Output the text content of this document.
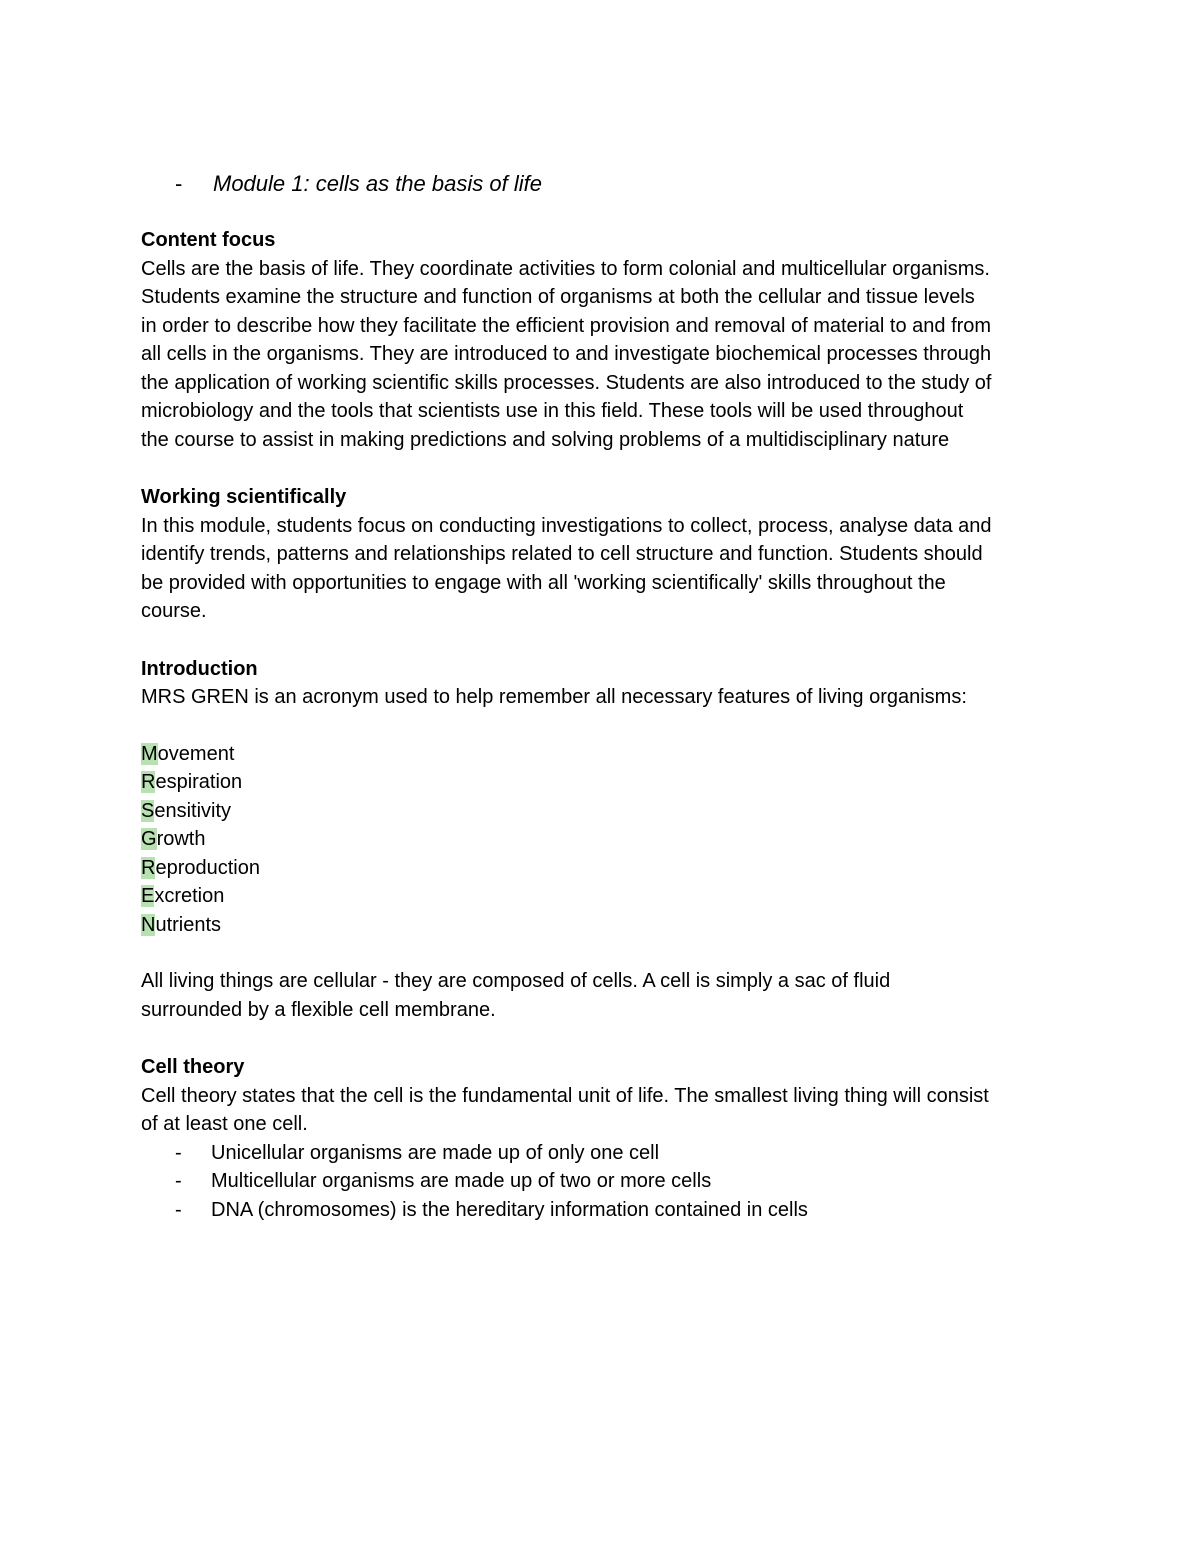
-	Module 1: cells as the basis of life
Content focus
Cells are the basis of life. They coordinate activities to form colonial and multicellular organisms.
Students examine the structure and function of organisms at both the cellular and tissue levels
in order to describe how they facilitate the efficient provision and removal of material to and from
all cells in the organisms. They are introduced to and investigate biochemical processes through
the application of working scientific skills processes. Students are also introduced to the study of
microbiology and the tools that scientists use in this field. These tools will be used throughout
the course to assist in making predictions and solving problems of a multidisciplinary nature
Working scientifically
In this module, students focus on conducting investigations to collect, process, analyse data and
identify trends, patterns and relationships related to cell structure and function. Students should
be provided with opportunities to engage with all 'working scientifically' skills throughout the
course.
Introduction
MRS GREN is an acronym used to help remember all necessary features of living organisms:
Movement
Respiration
Sensitivity
Growth
Reproduction
Excretion
Nutrients
All living things are cellular - they are composed of cells. A cell is simply a sac of fluid
surrounded by a flexible cell membrane.
Cell theory
Cell theory states that the cell is the fundamental unit of life. The smallest living thing will consist
of at least one cell.
-	Unicellular organisms are made up of only one cell
-	Multicellular organisms are made up of two or more cells
-	DNA (chromosomes) is the hereditary information contained in cells
